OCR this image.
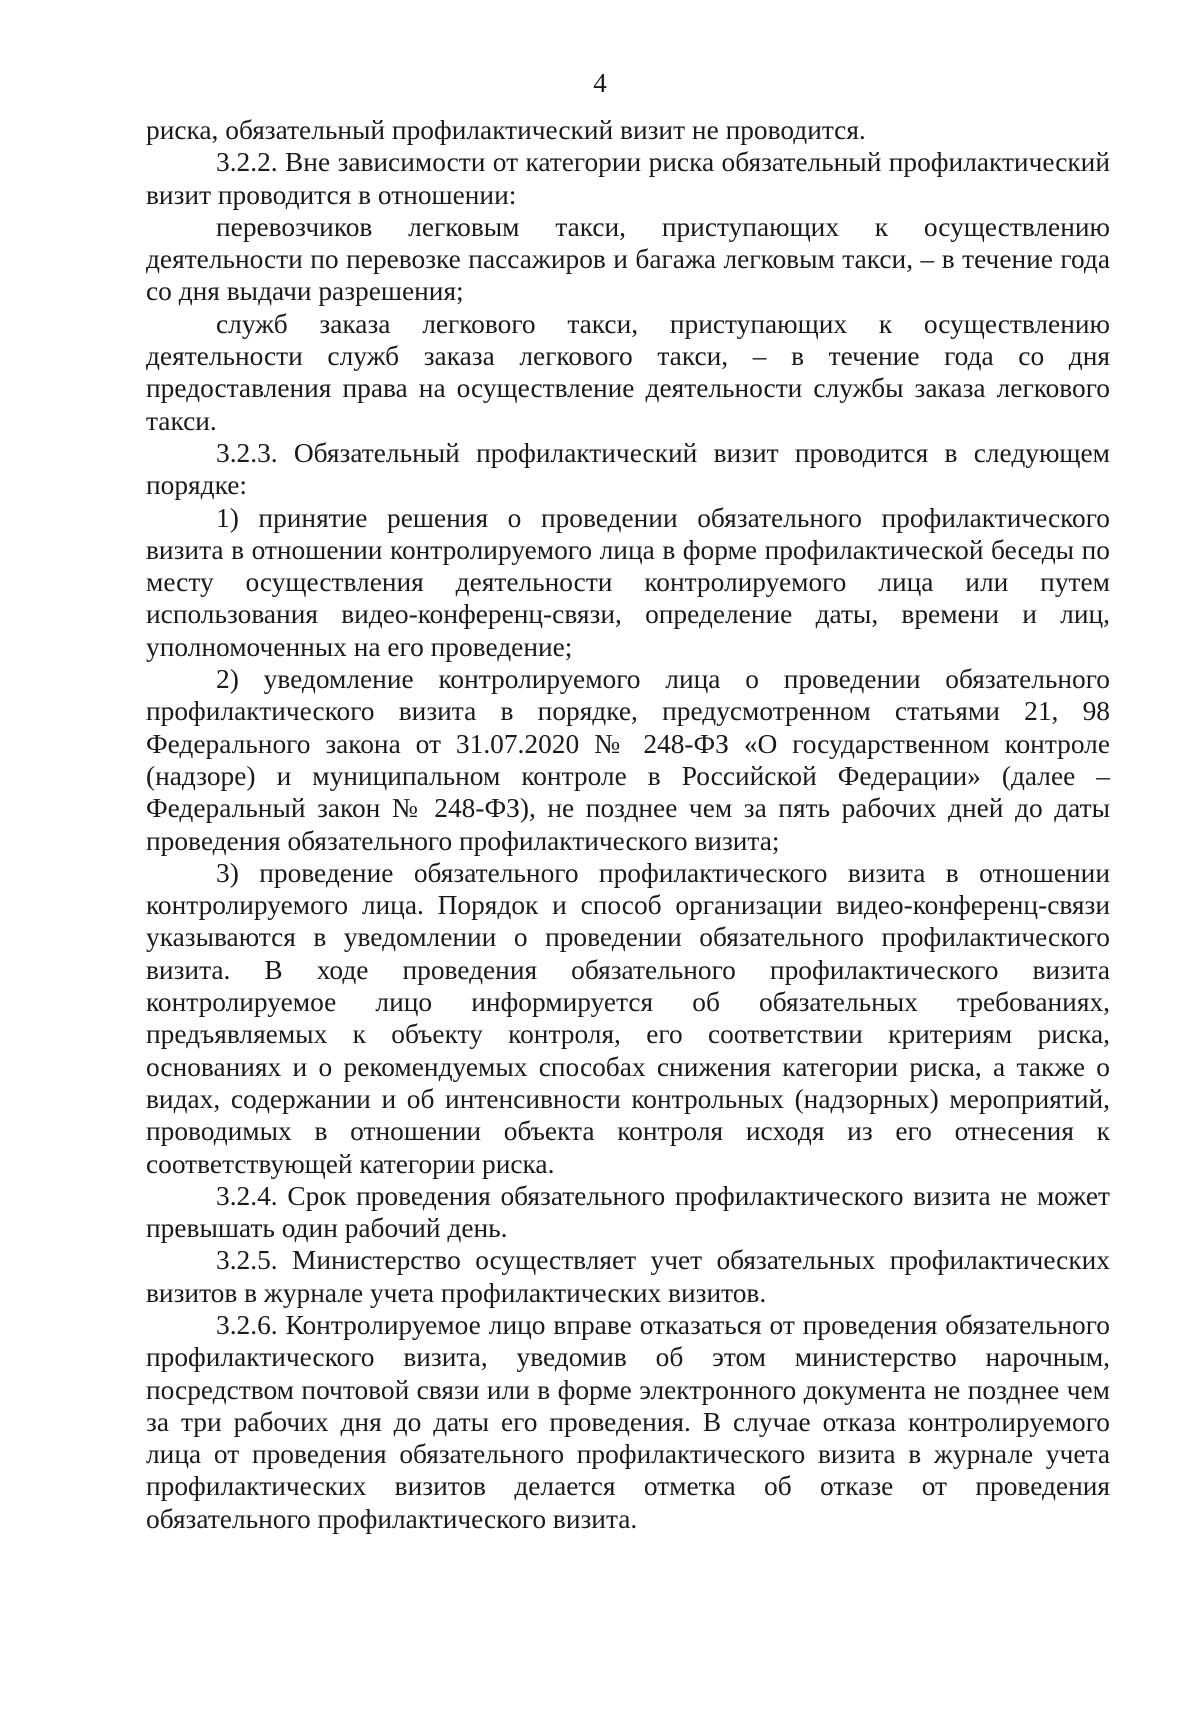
4

риска, обязательный профилактический визит не проводится.

3.2.2. Вне зависимости от категории риска обязательный профилактический визит проводится в отношении:

перевозчиков легковым такси, приступающих к осуществлению деятельности по перевозке пассажиров и багажа легковым такси, – в течение года со дня выдачи разрешения;

служб заказа легкового такси, приступающих к осуществлению деятельности служб заказа легкового такси, – в течение года со дня предоставления права на осуществление деятельности службы заказа легкового такси.

3.2.3. Обязательный профилактический визит проводится в следующем порядке:

1) принятие решения о проведении обязательного профилактического визита в отношении контролируемого лица в форме профилактической беседы по месту осуществления деятельности контролируемого лица или путем использования видео-конференц-связи, определение даты, времени и лиц, уполномоченных на его проведение;

2) уведомление контролируемого лица о проведении обязательного профилактического визита в порядке, предусмотренном статьями 21, 98 Федерального закона от 31.07.2020 № 248-ФЗ «О государственном контроле (надзоре) и муниципальном контроле в Российской Федерации» (далее – Федеральный закон № 248-ФЗ), не позднее чем за пять рабочих дней до даты проведения обязательного профилактического визита;

3) проведение обязательного профилактического визита в отношении контролируемого лица. Порядок и способ организации видео-конференц-связи указываются в уведомлении о проведении обязательного профилактического визита. В ходе проведения обязательного профилактического визита контролируемое лицо информируется об обязательных требованиях, предъявляемых к объекту контроля, его соответствии критериям риска, основаниях и о рекомендуемых способах снижения категории риска, а также о видах, содержании и об интенсивности контрольных (надзорных) мероприятий, проводимых в отношении объекта контроля исходя из его отнесения к соответствующей категории риска.

3.2.4. Срок проведения обязательного профилактического визита не может превышать один рабочий день.

3.2.5. Министерство осуществляет учет обязательных профилактических визитов в журнале учета профилактических визитов.

3.2.6. Контролируемое лицо вправе отказаться от проведения обязательного профилактического визита, уведомив об этом министерство нарочным, посредством почтовой связи или в форме электронного документа не позднее чем за три рабочих дня до даты его проведения. В случае отказа контролируемого лица от проведения обязательного профилактического визита в журнале учета профилактических визитов делается отметка об отказе от проведения обязательного профилактического визита.
